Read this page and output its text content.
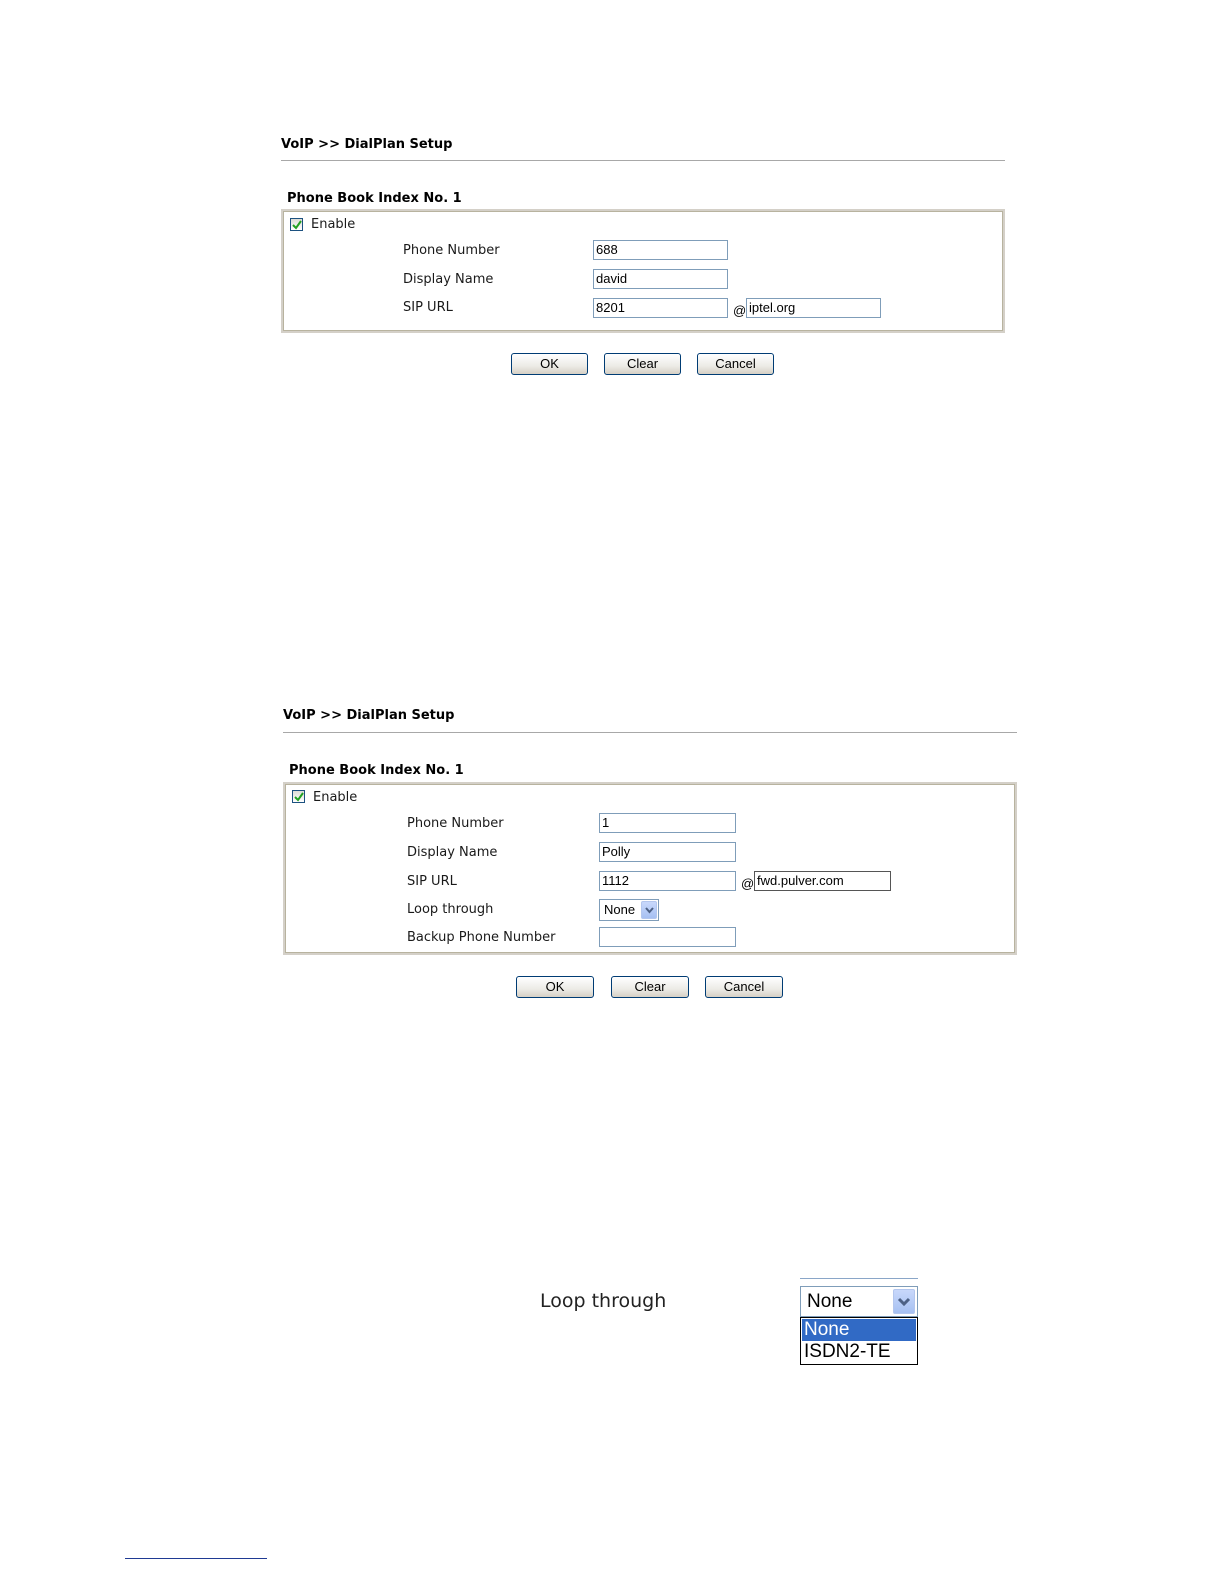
VoIP >> DialPlan Setup
Phone Book Index No. 1
Enable
Phone Number	688
Display Name	david
SIP URL	8201	@ iptel.org
OK	Clear	Cancel
VoIP >> DialPlan Setup
Phone Book Index No. 1
Enable
Phone Number	1
Display Name	Polly
SIP URL	1112	@ fwd.pulver.com
Loop through	None
Backup Phone Number
OK	Clear	Cancel
Loop through	None
None
ISDN2-TE
